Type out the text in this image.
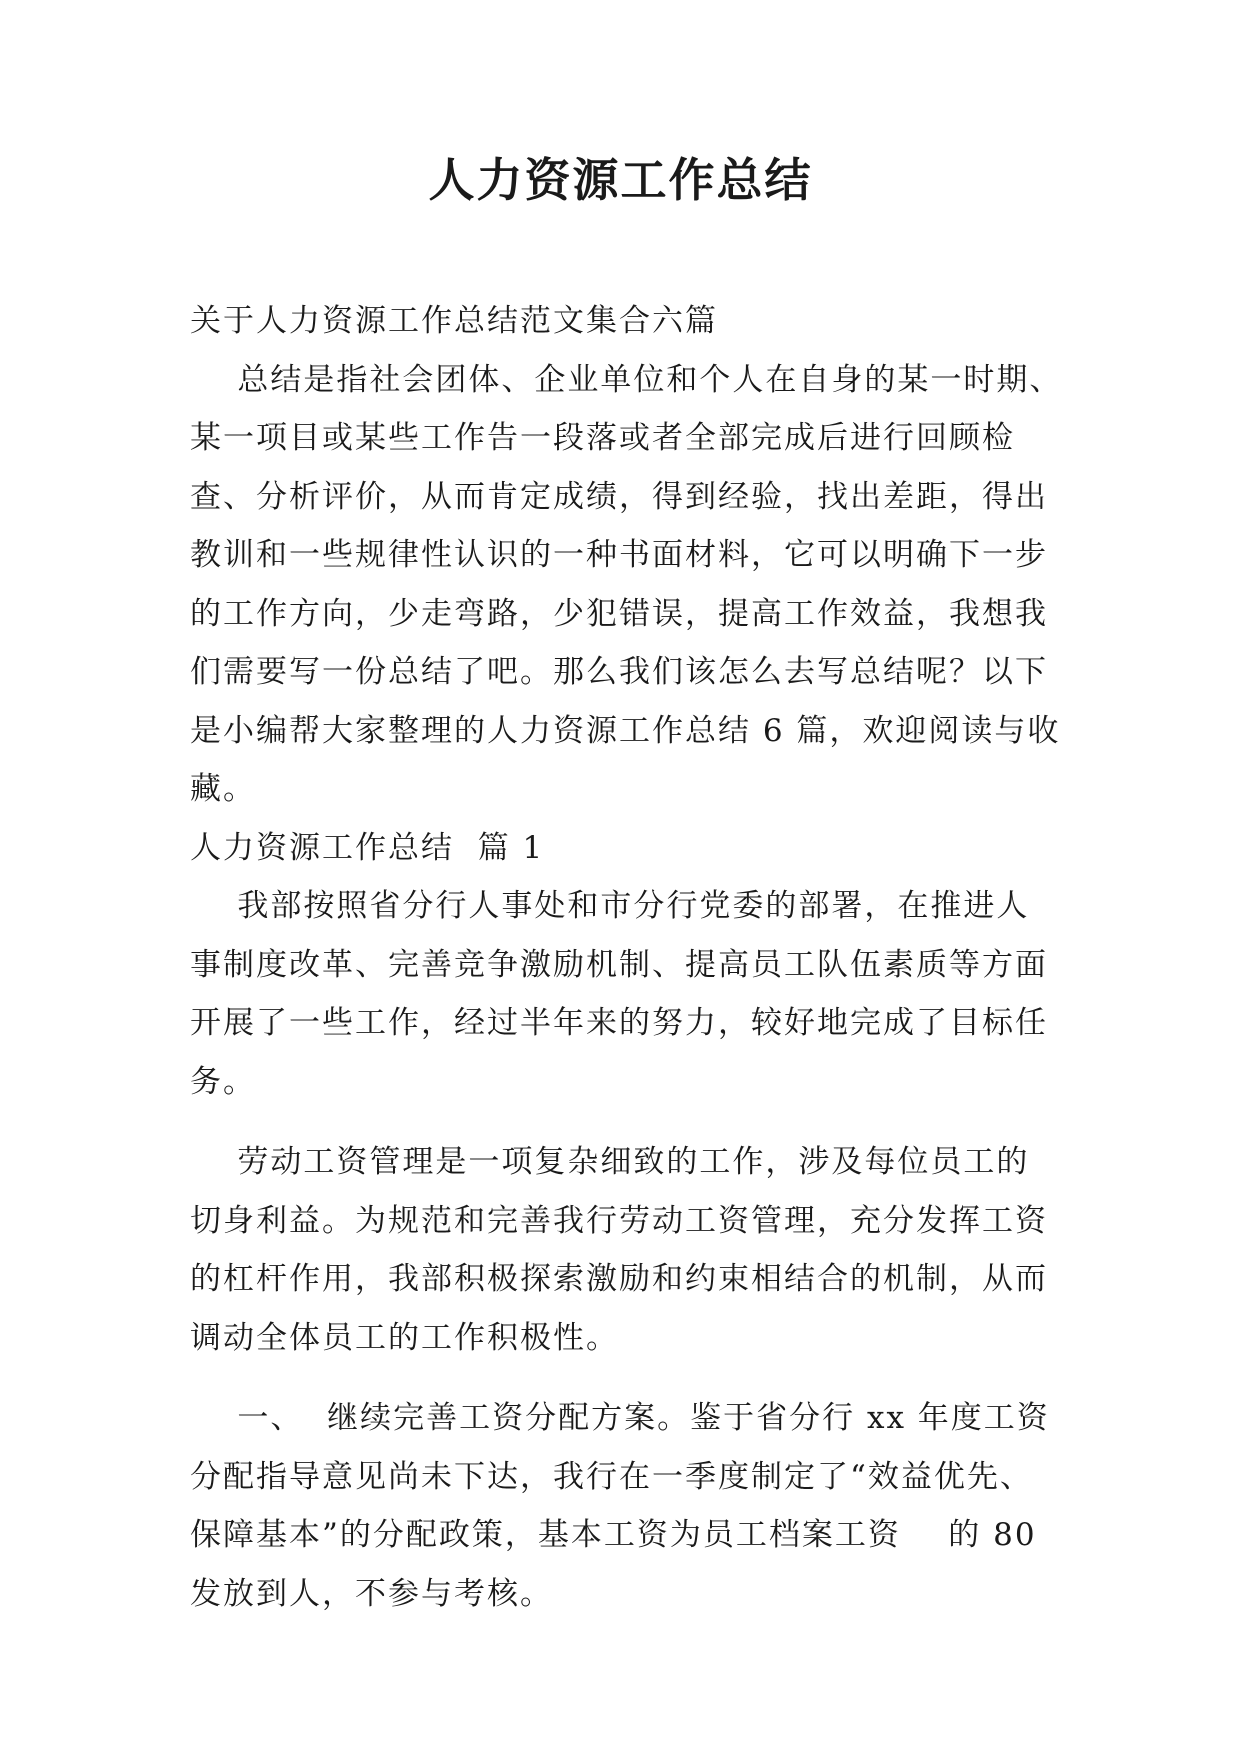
人力资源工作总结
关于人力资源工作总结范文集合六篇
总结是指社会团体、企业单位和个人在自身的某一时期、
某一项目或某些工作告一段落或者全部完成后进行回顾检
查、分析评价，从而肯定成绩，得到经验，找出差距，得出
教训和一些规律性认识的一种书面材料，它可以明确下一步
的工作方向，少走弯路，少犯错误，提高工作效益，我想我
们需要写一份总结了吧。那么我们该怎么去写总结呢？以下
是小编帮大家整理的人力资源工作总结 6 篇，欢迎阅读与收
藏。
人力资源工作总结  篇 1
我部按照省分行人事处和市分行党委的部署，在推进人
事制度改革、完善竞争激励机制、提高员工队伍素质等方面
开展了一些工作，经过半年来的努力，较好地完成了目标任
务。
劳动工资管理是一项复杂细致的工作，涉及每位员工的
切身利益。为规范和完善我行劳动工资管理，充分发挥工资
的杠杆作用，我部积极探索激励和约束相结合的机制，从而
调动全体员工的工作积极性。
一、  继续完善工资分配方案。鉴于省分行 xx 年度工资
分配指导意见尚未下达，我行在一季度制定了“效益优先、
保障基本”的分配政策，基本工资为员工档案工资    的 80
发放到人，不参与考核。
